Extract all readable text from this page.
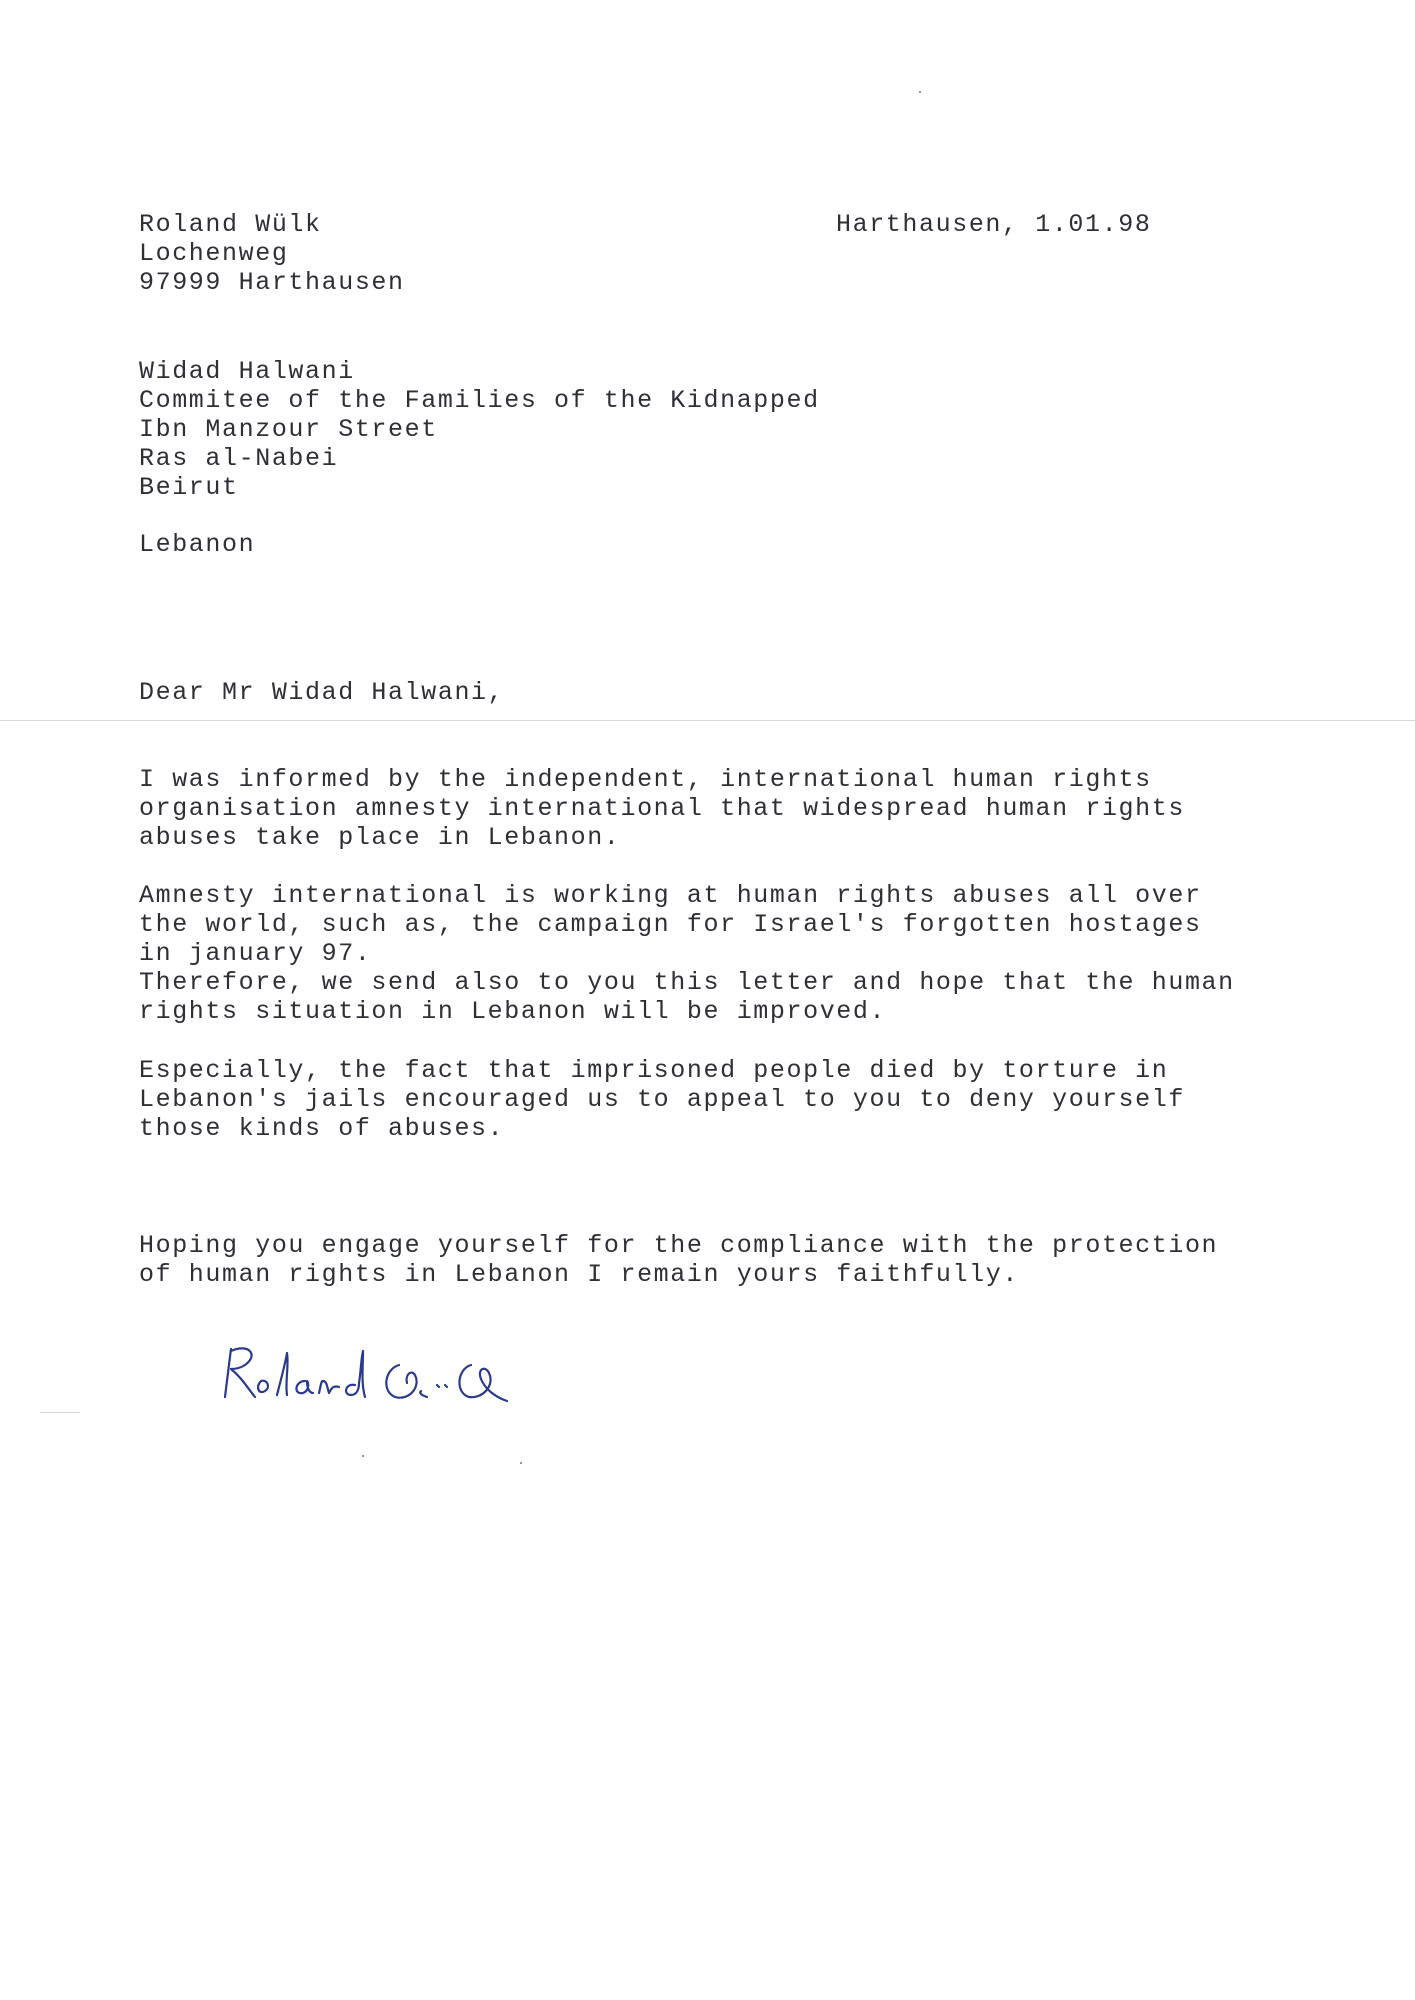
Roland Wülk
Lochenweg
97999 Harthausen
Harthausen, 1.01.98
Widad Halwani
Commitee of the Families of the Kidnapped
Ibn Manzour Street
Ras al-Nabei
Beirut
Lebanon
Dear Mr Widad Halwani,
I was informed by the independent, international human rights
organisation amnesty international that widespread human rights
abuses take place in Lebanon.
Amnesty international is working at human rights abuses all over
the world, such as, the campaign for Israel's forgotten hostages
in january 97.
Therefore, we send also to you this letter and hope that the human
rights situation in Lebanon will be improved.
Especially, the fact that imprisoned people died by torture in
Lebanon's jails encouraged us to appeal to you to deny yourself
those kinds of abuses.
Hoping you engage yourself for the compliance with the protection
of human rights in Lebanon I remain yours faithfully.
